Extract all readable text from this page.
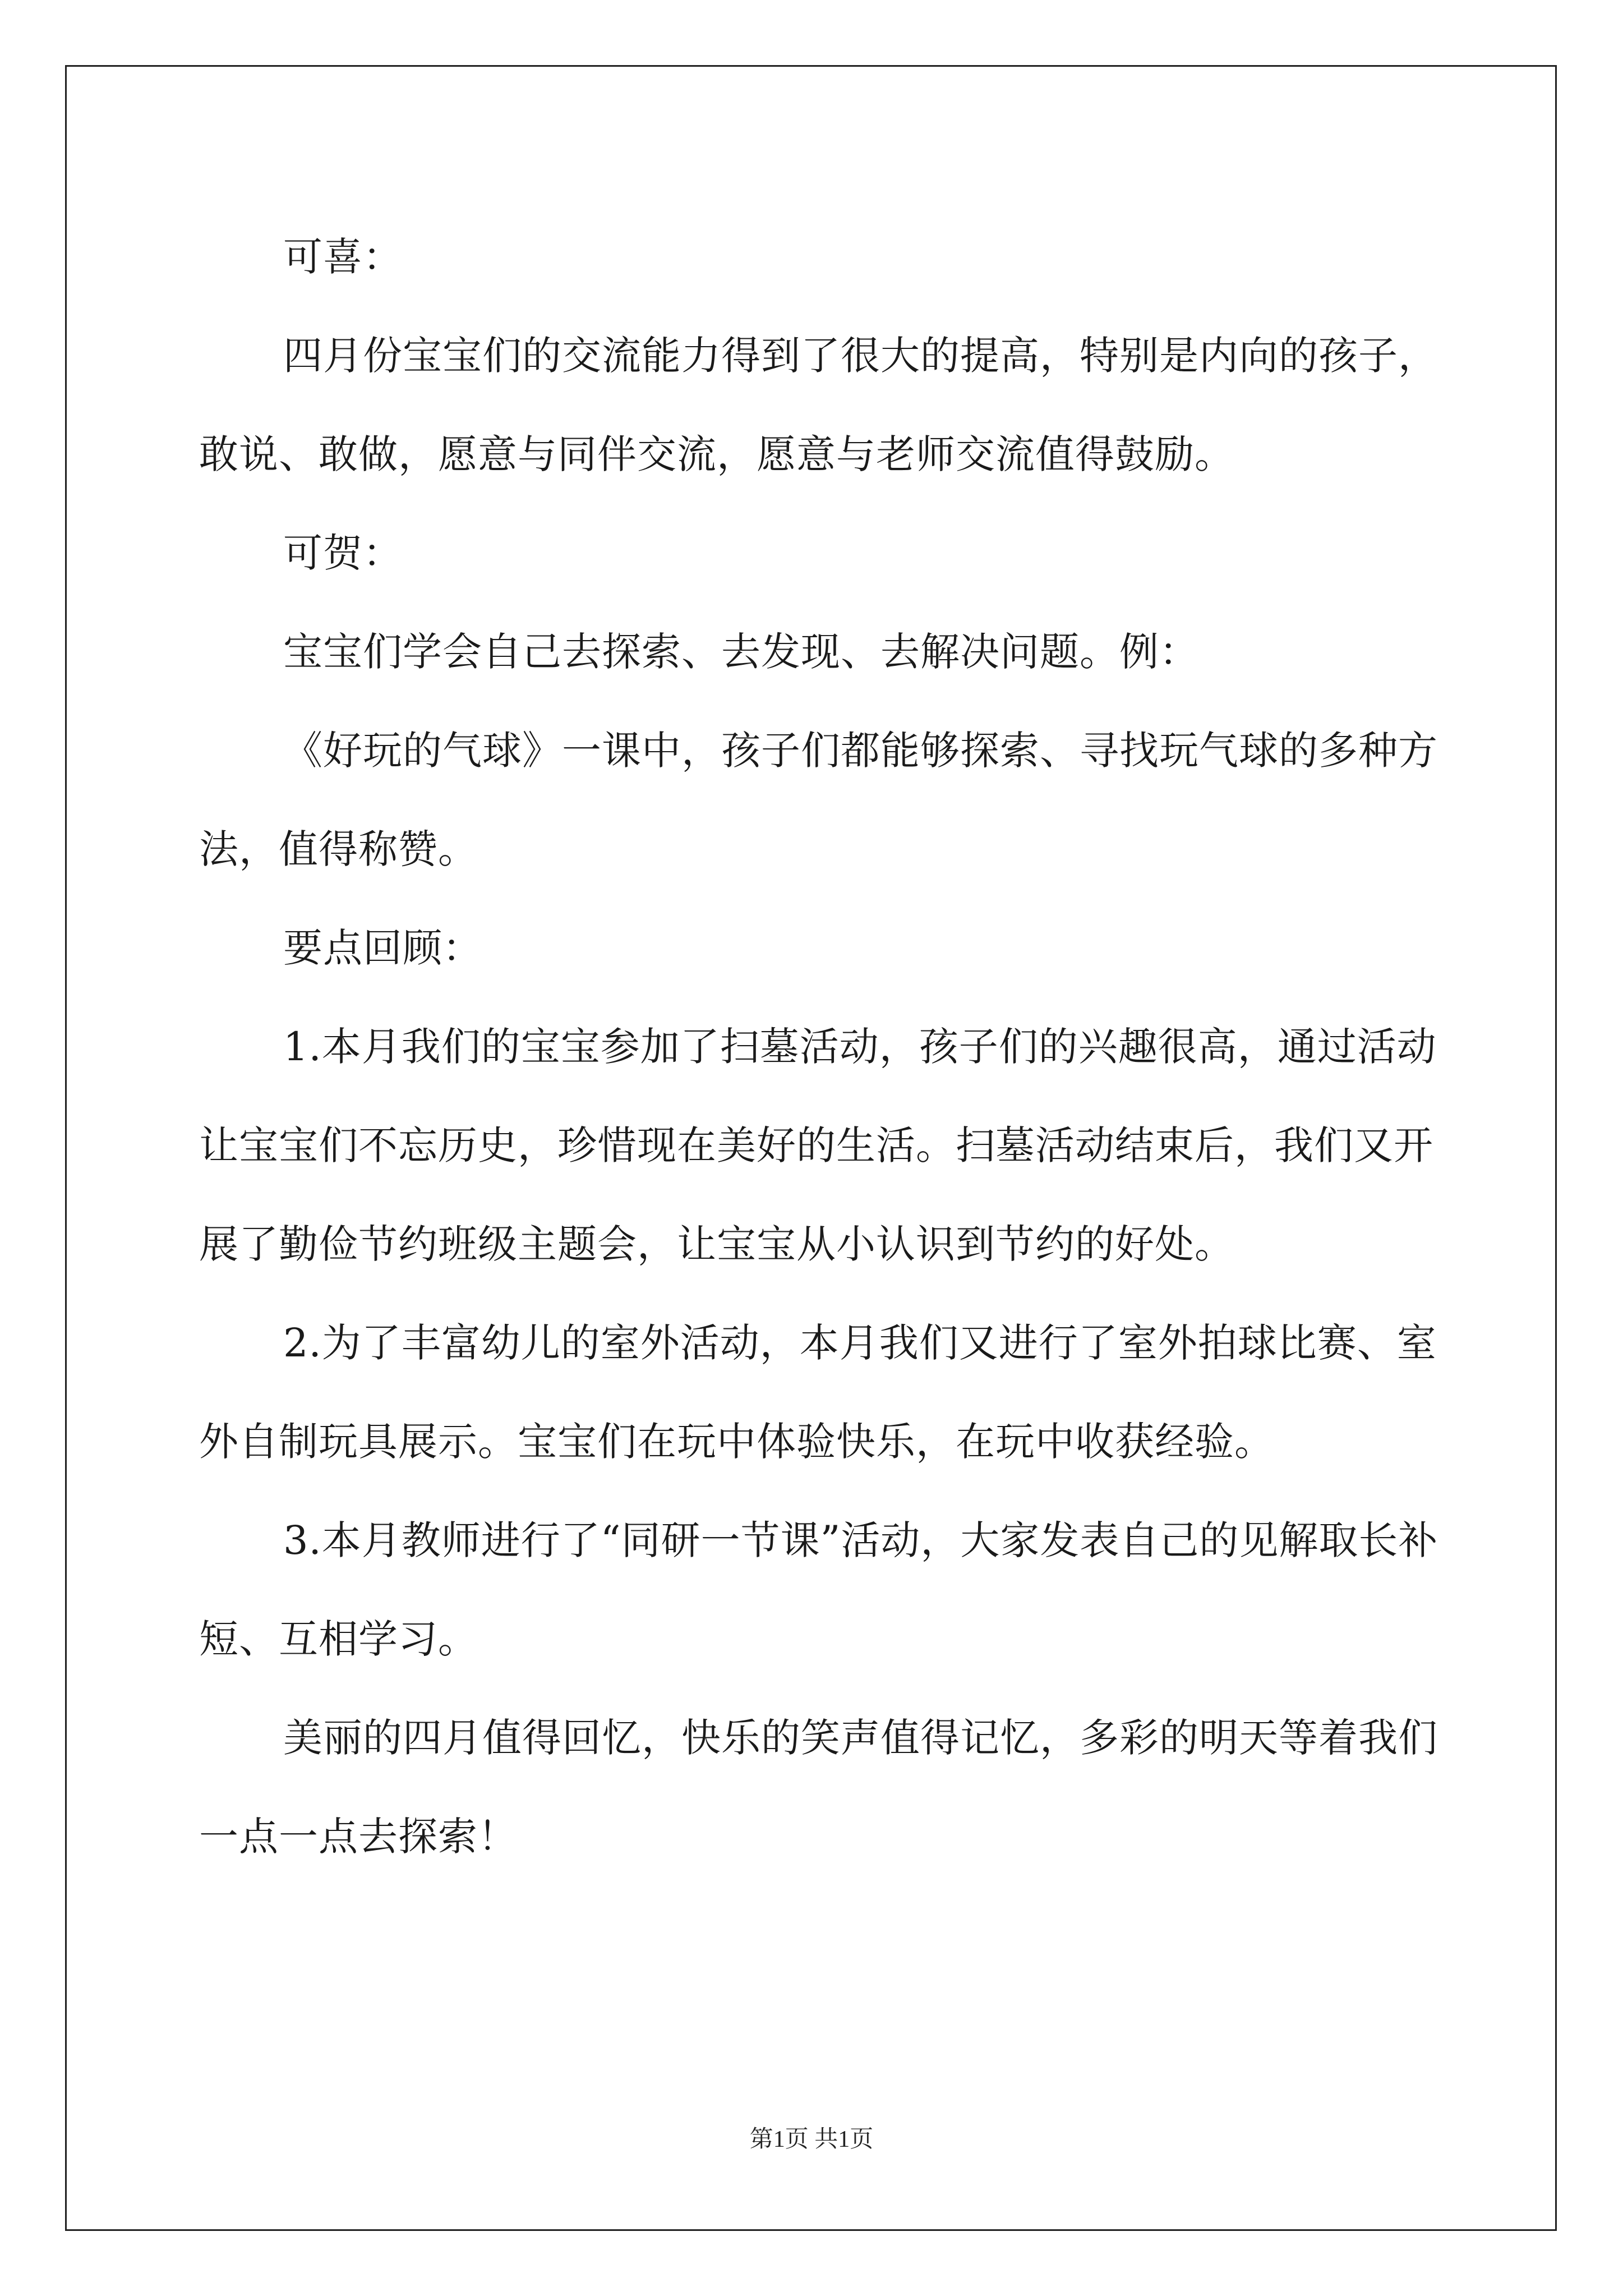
可喜：

四月份宝宝们的交流能力得到了很大的提高，特别是内向的孩子，敢说、敢做，愿意与同伴交流，愿意与老师交流值得鼓励。

可贺：

宝宝们学会自己去探索、去发现、去解决问题。例：

《好玩的气球》一课中，孩子们都能够探索、寻找玩气球的多种方法，值得称赞。

要点回顾：

1.本月我们的宝宝参加了扫墓活动，孩子们的兴趣很高，通过活动让宝宝们不忘历史，珍惜现在美好的生活。扫墓活动结束后，我们又开展了勤俭节约班级主题会，让宝宝从小认识到节约的好处。

2.为了丰富幼儿的室外活动，本月我们又进行了室外拍球比赛、室外自制玩具展示。宝宝们在玩中体验快乐，在玩中收获经验。

3.本月教师进行了“同研一节课”活动，大家发表自己的见解取长补短、互相学习。

美丽的四月值得回忆，快乐的笑声值得记忆，多彩的明天等着我们一点一点去探索！

第1页 共1页
